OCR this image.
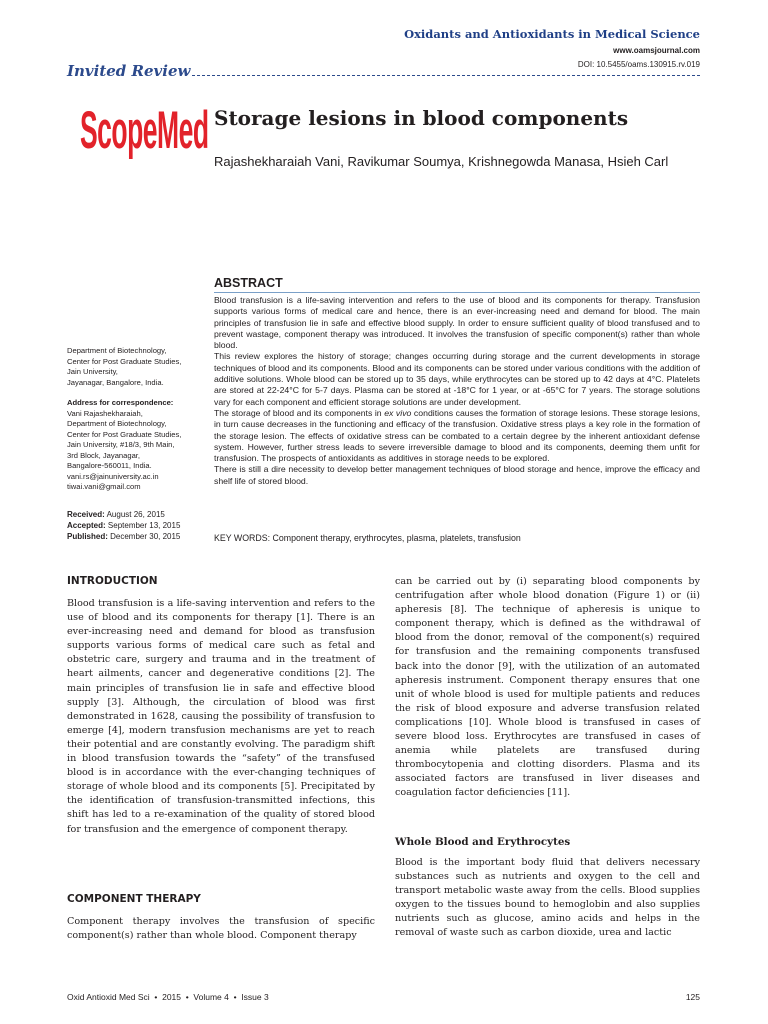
Oxidants and Antioxidants in Medical Science
www.oamsjournal.com
DOI: 10.5455/oams.130915.rv.019
Invited Review
ScopeMed Storage lesions in blood components
Rajashekharaiah Vani, Ravikumar Soumya, Krishnegowda Manasa, Hsieh Carl
ABSTRACT

Blood transfusion is a life-saving intervention and refers to the use of blood and its components for therapy. Transfusion supports various forms of medical care and hence, there is an ever-increasing need and demand for blood. The main principles of transfusion lie in safe and effective blood supply. In order to ensure sufficient quality of blood transfused and to prevent wastage, component therapy was introduced. It involves the transfusion of specific component(s) rather than whole blood.

This review explores the history of storage; changes occurring during storage and the current developments in storage techniques of blood and its components. Blood and its components can be stored under various conditions with the addition of additive solutions. Whole blood can be stored up to 35 days, while erythrocytes can be stored up to 42 days at 4°C. Platelets are stored at 22-24°C for 5-7 days. Plasma can be stored at -18°C for 1 year, or at -65°C for 7 years. The storage solutions vary for each component and efficient storage solutions are under development.

The storage of blood and its components in ex vivo conditions causes the formation of storage lesions. These storage lesions, in turn cause decreases in the functioning and efficacy of the transfusion. Oxidative stress plays a key role in the formation of the storage lesion. The effects of oxidative stress can be combated to a certain degree by the inherent antioxidant defense system. However, further stress leads to severe irreversible damage to blood and its components, deeming them unfit for transfusion. The prospects of antioxidants as additives in storage needs to be explored.

There is still a dire necessity to develop better management techniques of blood storage and hence, improve the efficacy and shelf life of stored blood.

KEY WORDS: Component therapy, erythrocytes, plasma, platelets, transfusion
Department of Biotechnology,
Center for Post Graduate Studies,
Jain University,
Jayanagar, Bangalore, India.
Address for correspondence:
Vani Rajashekharaiah,
Department of Biotechnology,
Center for Post Graduate Studies,
Jain University, #18/3, 9th Main,
3rd Block, Jayanagar,
Bangalore-560011, India.
vani.rs@jainuniversity.ac.in
tiwai.vani@gmail.com
Received: August 26, 2015
Accepted: September 13, 2015
Published: December 30, 2015
INTRODUCTION
Blood transfusion is a life-saving intervention and refers to the use of blood and its components for therapy [1]. There is an ever-increasing need and demand for blood as transfusion supports various forms of medical care such as fetal and obstetric care, surgery and trauma and in the treatment of heart ailments, cancer and degenerative conditions [2]. The main principles of transfusion lie in safe and effective blood supply [3]. Although, the circulation of blood was first demonstrated in 1628, causing the possibility of transfusion to emerge [4], modern transfusion mechanisms are yet to reach their potential and are constantly evolving. The paradigm shift in blood transfusion towards the “safety” of the transfused blood is in accordance with the ever-changing techniques of storage of whole blood and its components [5]. Precipitated by the identification of transfusion-transmitted infections, this shift has led to a re-examination of the quality of stored blood for transfusion and the emergence of component therapy.
COMPONENT THERAPY
Component therapy involves the transfusion of specific component(s) rather than whole blood. Component therapy
can be carried out by (i) separating blood components by centrifugation after whole blood donation (Figure 1) or (ii) apheresis [8]. The technique of apheresis is unique to component therapy, which is defined as the withdrawal of blood from the donor, removal of the component(s) required for transfusion and the remaining components transfused back into the donor [9], with the utilization of an automated apheresis instrument. Component therapy ensures that one unit of whole blood is used for multiple patients and reduces the risk of blood exposure and adverse transfusion related complications [10]. Whole blood is transfused in cases of severe blood loss. Erythrocytes are transfused in cases of anemia while platelets are transfused during thrombocytopenia and clotting disorders. Plasma and its associated factors are transfused in liver diseases and coagulation factor deficiencies [11].
Whole Blood and Erythrocytes
Blood is the important body fluid that delivers necessary substances such as nutrients and oxygen to the cell and transport metabolic waste away from the cells. Blood supplies oxygen to the tissues bound to hemoglobin and also supplies nutrients such as glucose, amino acids and helps in the removal of waste such as carbon dioxide, urea and lactic
Oxid Antioxid Med Sci  •  2015  •  Volume 4  •  Issue 3	125
